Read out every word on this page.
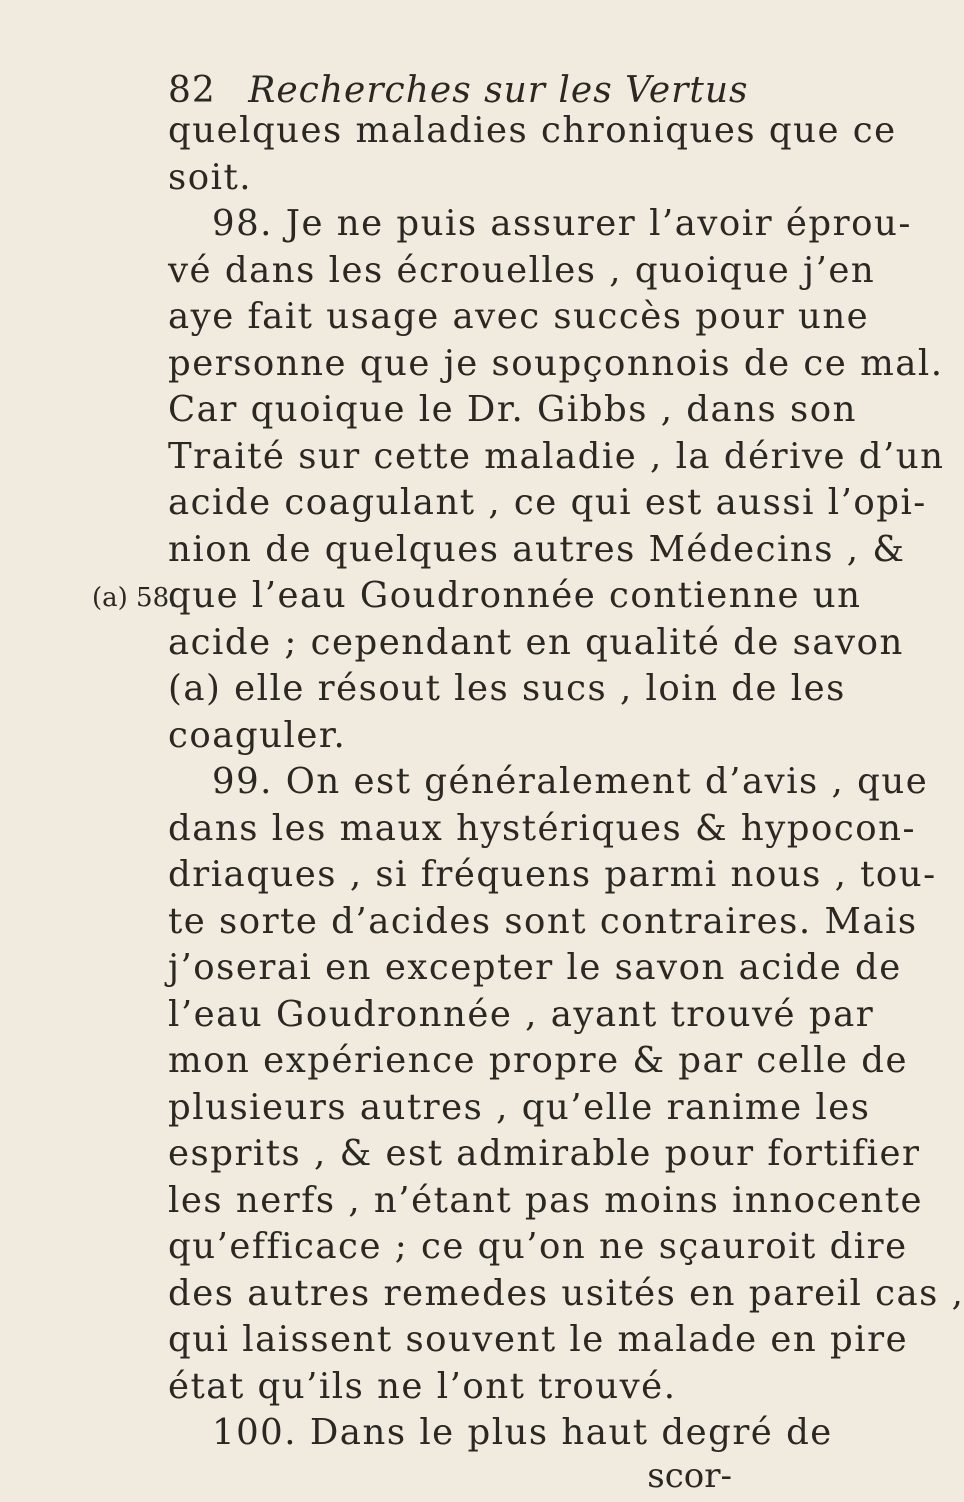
82 Recherches sur les Vertus
(a) 58.
quelques maladies chroniques que ce
soit.
98. Je ne puis assurer l’avoir éprou-
vé dans les écrouelles , quoique j’en
aye fait usage avec succès pour une
personne que je soupçonnois de ce mal.
Car quoique le Dr. Gibbs , dans son
Traité sur cette maladie , la dérive d’un
acide coagulant , ce qui est aussi l’opi-
nion de quelques autres Médecins , &
que l’eau Goudronnée contienne un
acide ; cependant en qualité de savon
(a) elle résout les sucs , loin de les
coaguler.
99. On est généralement d’avis , que
dans les maux hystériques & hypocon-
driaques , si fréquens parmi nous , tou-
te sorte d’acides sont contraires. Mais
j’oserai en excepter le savon acide de
l’eau Goudronnée , ayant trouvé par
mon expérience propre & par celle de
plusieurs autres , qu’elle ranime les
esprits , & est admirable pour fortifier
les nerfs , n’étant pas moins innocente
qu’efficace ; ce qu’on ne sçauroit dire
des autres remedes usités en pareil cas ,
qui laissent souvent le malade en pire
état qu’ils ne l’ont trouvé.
100. Dans le plus haut degré de
scor-
